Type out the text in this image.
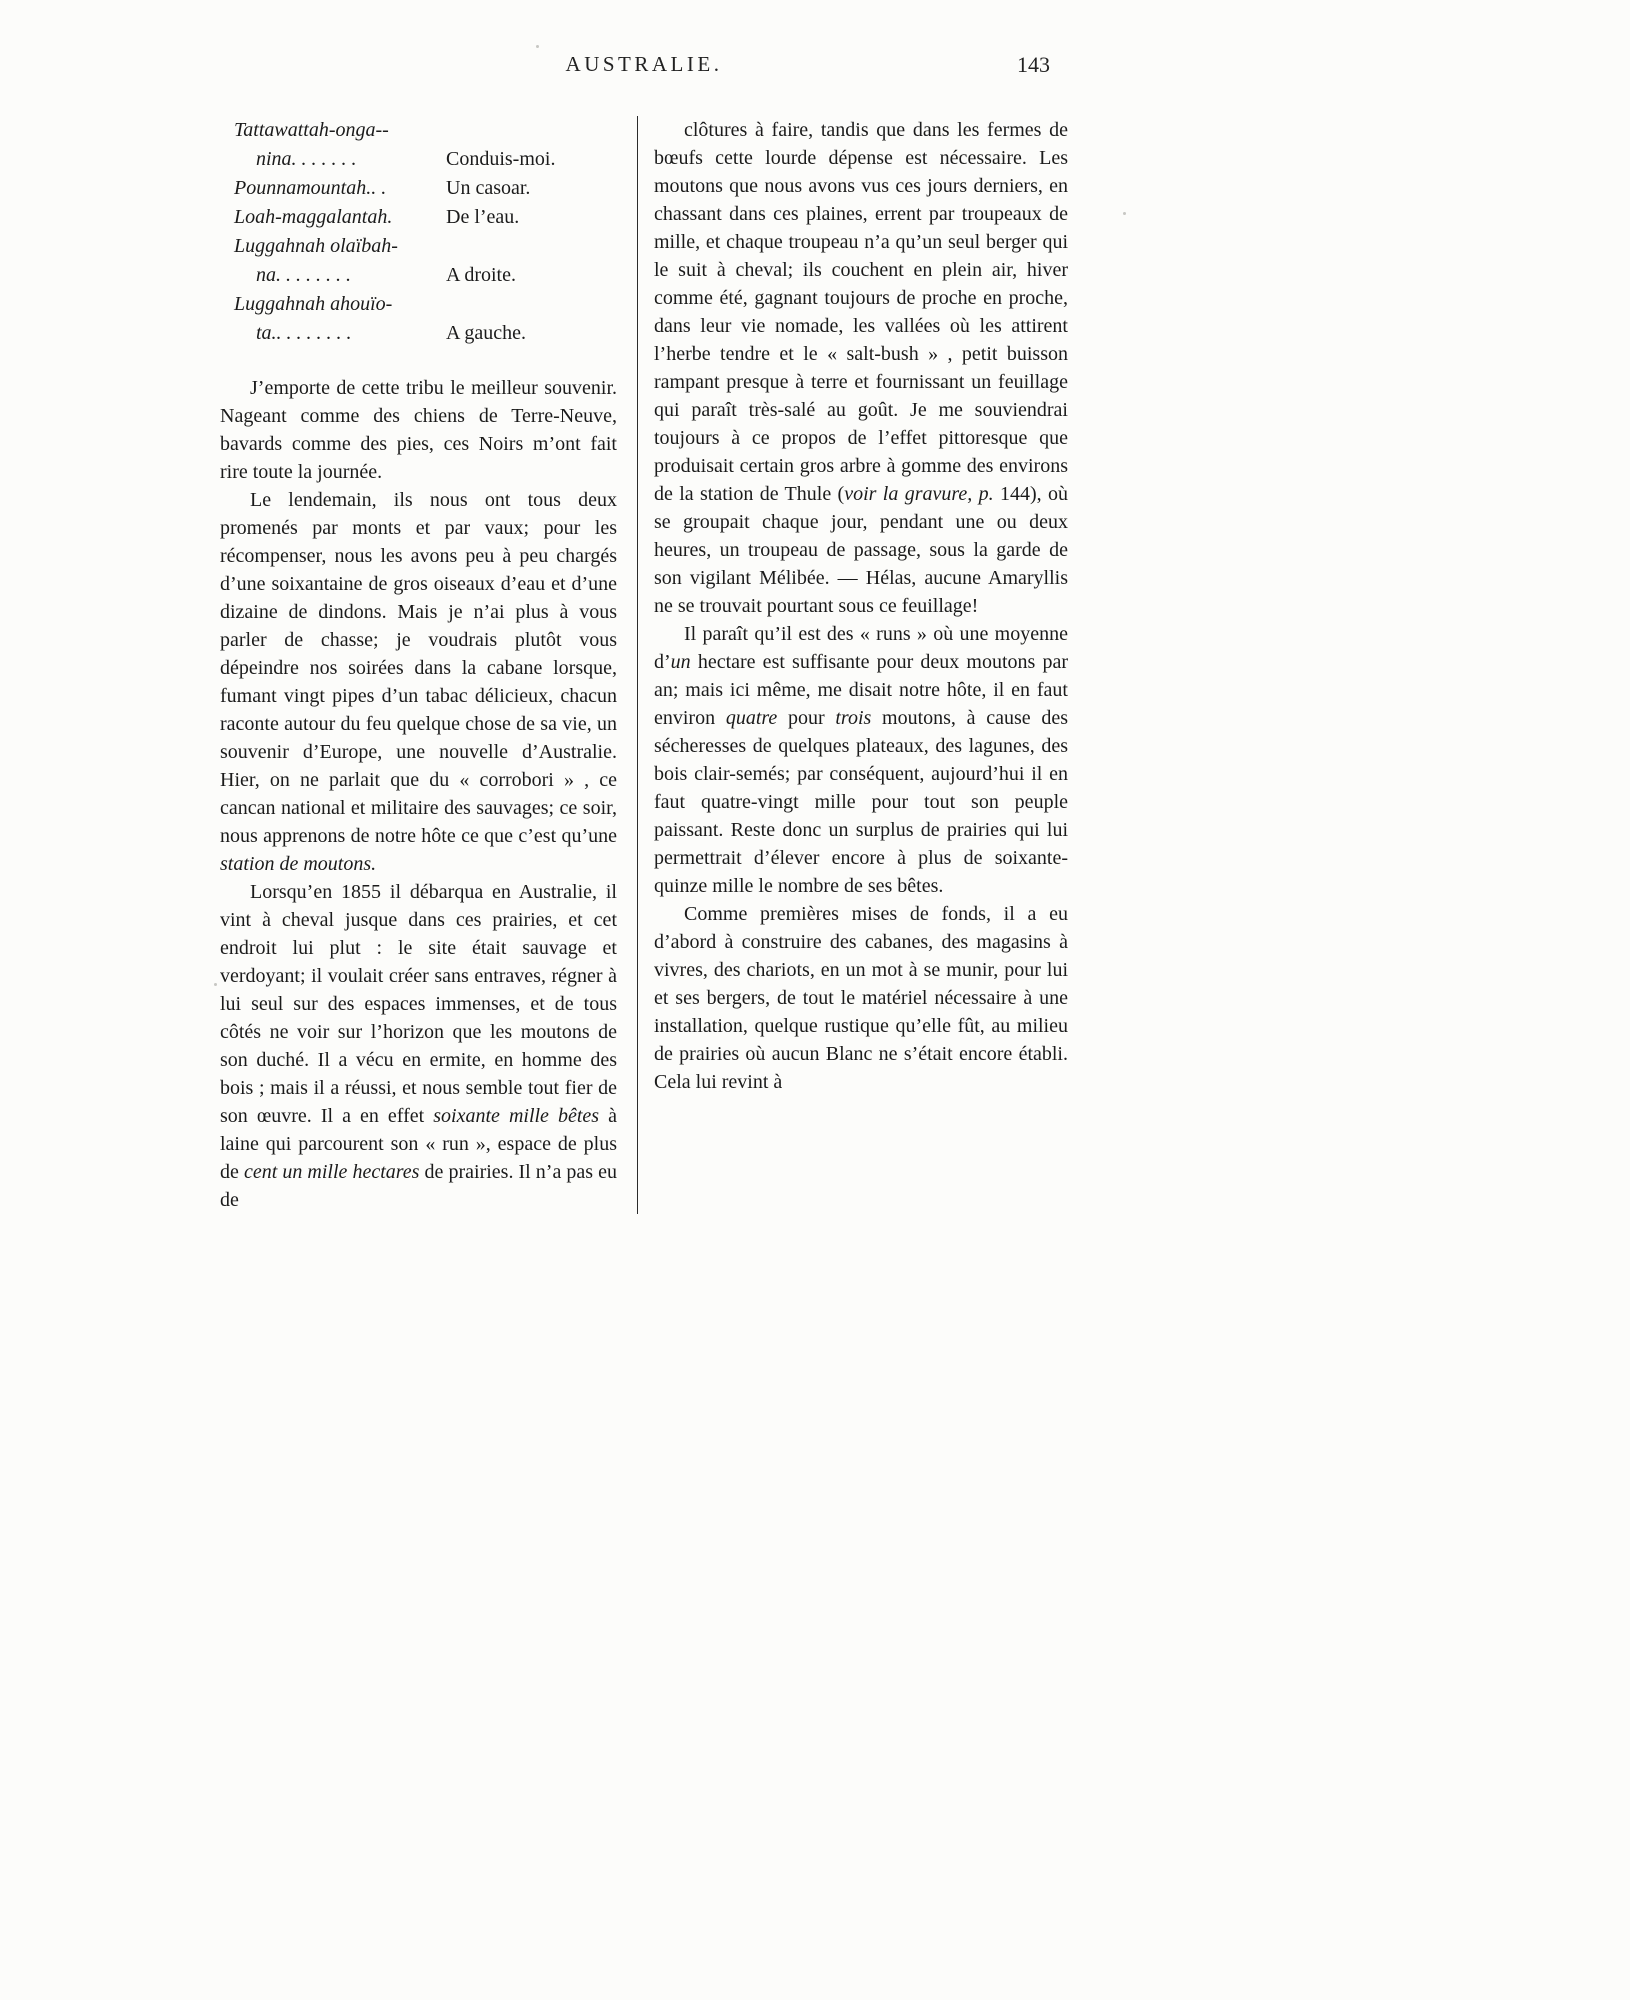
AUSTRALIE.	143
Tattawattah-onga--
nina. . . . . . .	Conduis-moi.
Pounnamountah.. .	Un casoar.
Loah-maggalantah.	De l’eau.
Luggahnah olaïbah-
na. . . . . . . .	A droite.
Luggahnah ahouïo-
ta.. . . . . . . .	A gauche.

J’emporte de cette tribu le meilleur souvenir. Nageant comme des chiens de Terre-Neuve, bavards comme des pies, ces Noirs m’ont fait rire toute la journée.

Le lendemain, ils nous ont tous deux promenés par monts et par vaux; pour les récompenser, nous les avons peu à peu chargés d’une soixantaine de gros oiseaux d’eau et d’une dizaine de dindons. Mais je n’ai plus à vous parler de chasse; je voudrais plutôt vous dépeindre nos soirées dans la cabane lorsque, fumant vingt pipes d’un tabac délicieux, chacun raconte autour du feu quelque chose de sa vie, un souvenir d’Europe, une nouvelle d’Australie. Hier, on ne parlait que du « corrobori » , ce cancan national et militaire des sauvages; ce soir, nous apprenons de notre hôte ce que c’est qu’une station de moutons.

Lorsqu’en 1855 il débarqua en Australie, il vint à cheval jusque dans ces prairies, et cet endroit lui plut : le site était sauvage et verdoyant; il voulait créer sans entraves, régner à lui seul sur des espaces immenses, et de tous côtés ne voir sur l’horizon que les moutons de son duché. Il a vécu en ermite, en homme des bois ; mais il a réussi, et nous semble tout fier de son œuvre. Il a en effet soixante mille bêtes à laine qui parcourent son « run », espace de plus de cent un mille hectares de prairies. Il n’a pas eu de

clôtures à faire, tandis que dans les fermes de bœufs cette lourde dépense est nécessaire. Les moutons que nous avons vus ces jours derniers, en chassant dans ces plaines, errent par troupeaux de mille, et chaque troupeau n’a qu’un seul berger qui le suit à cheval; ils couchent en plein air, hiver comme été, gagnant toujours de proche en proche, dans leur vie nomade, les vallées où les attirent l’herbe tendre et le « salt-bush » , petit buisson rampant presque à terre et fournissant un feuillage qui paraît très-salé au goût. Je me souviendrai toujours à ce propos de l’effet pittoresque que produisait certain gros arbre à gomme des environs de la station de Thule (voir la gravure, p. 144), où se groupait chaque jour, pendant une ou deux heures, un troupeau de passage, sous la garde de son vigilant Mélibée. — Hélas, aucune Amaryllis ne se trouvait pourtant sous ce feuillage!

Il paraît qu’il est des « runs » où une moyenne d’un hectare est suffisante pour deux moutons par an; mais ici même, me disait notre hôte, il en faut environ quatre pour trois moutons, à cause des sécheresses de quelques plateaux, des lagunes, des bois clair-semés; par conséquent, aujourd’hui il en faut quatre-vingt mille pour tout son peuple paissant. Reste donc un surplus de prairies qui lui permettrait d’élever encore à plus de soixante-quinze mille le nombre de ses bêtes.

Comme premières mises de fonds, il a eu d’abord à construire des cabanes, des magasins à vivres, des chariots, en un mot à se munir, pour lui et ses bergers, de tout le matériel nécessaire à une installation, quelque rustique qu’elle fût, au milieu de prairies où aucun Blanc ne s’était encore établi. Cela lui revint à
